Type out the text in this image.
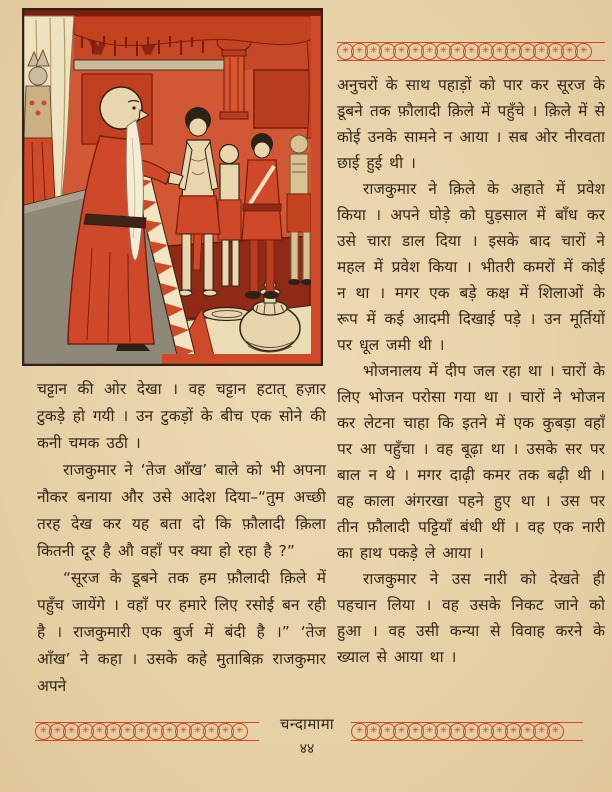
✳ ✳ ✳ ✳ ✳ ✳ ✳ ✳ ✳ ✳ ✳ ✳ ✳ ✳ ✳ ✳ ✳ ✳
✳ ✳ ✳ ✳ ✳ ✳ ✳ ✳ ✳ ✳ ✳ ✳ ✳ ✳ ✳	✳ ✳ ✳ ✳ ✳ ✳ ✳ ✳ ✳ ✳ ✳ ✳ ✳ ✳ ✳

चट्टान की ओर देखा । वह चट्टान हटात् हज़ार टुकड़े हो गयी । उन टुकड़ों के बीच एक सोने की कनी चमक उठी ।

राजकुमार ने ‘तेज आँख’ बाले को भी अपना नौकर बनाया और उसे आदेश दिया–“तुम अच्छी तरह देख कर यह बता दो कि फ़ौलादी क़िला कितनी दूर है औ वहाँ पर क्या हो रहा है ?”

“सूरज के डूबने तक हम फ़ौलादी क़िले में पहुँच जायेंगे । वहाँ पर हमारे लिए रसोई बन रही है । राजकुमारी एक बुर्ज में बंदी है ।” ‘तेज आँख’ ने कहा । उसके कहे मुताबिक़ राजकुमार अपने

अनुचरों के साथ पहाड़ों को पार कर सूरज के डूबने तक फ़ौलादी क़िले में पहुँचे । क़िले में से कोई उनके सामने न आया । सब ओर नीरवता छाई हुई थी ।

राजकुमार ने क़िले के अहाते में प्रवेश किया । अपने घोड़े को घुड़साल में बाँध कर उसे चारा डाल दिया । इसके बाद चारों ने महल में प्रवेश किया । भीतरी कमरों में कोई न था । मगर एक बड़े कक्ष में शिलाओं के रूप में कई आदमी दिखाई पड़े । उन मूर्तियों पर धूल जमी थी ।

भोजनालय में दीप जल रहा था । चारों के लिए भोजन परोसा गया था । चारों ने भोजन कर लेटना चाहा कि इतने में एक कुबड़ा वहाँ पर आ पहुँचा । वह बूढ़ा था । उसके सर पर बाल न थे । मगर दाढ़ी कमर तक बढ़ी थी । वह काला अंगरखा पहने हुए था । उस पर तीन फ़ौलादी पट्टियाँ बंधी थीं । वह एक नारी का हाथ पकड़े ले आया ।

राजकुमार ने उस नारी को देखते ही पहचान लिया । वह उसके निकट जाने को हुआ । वह उसी कन्या से विवाह करने के ख्याल से आया था ।

चन्दामामा
४४
